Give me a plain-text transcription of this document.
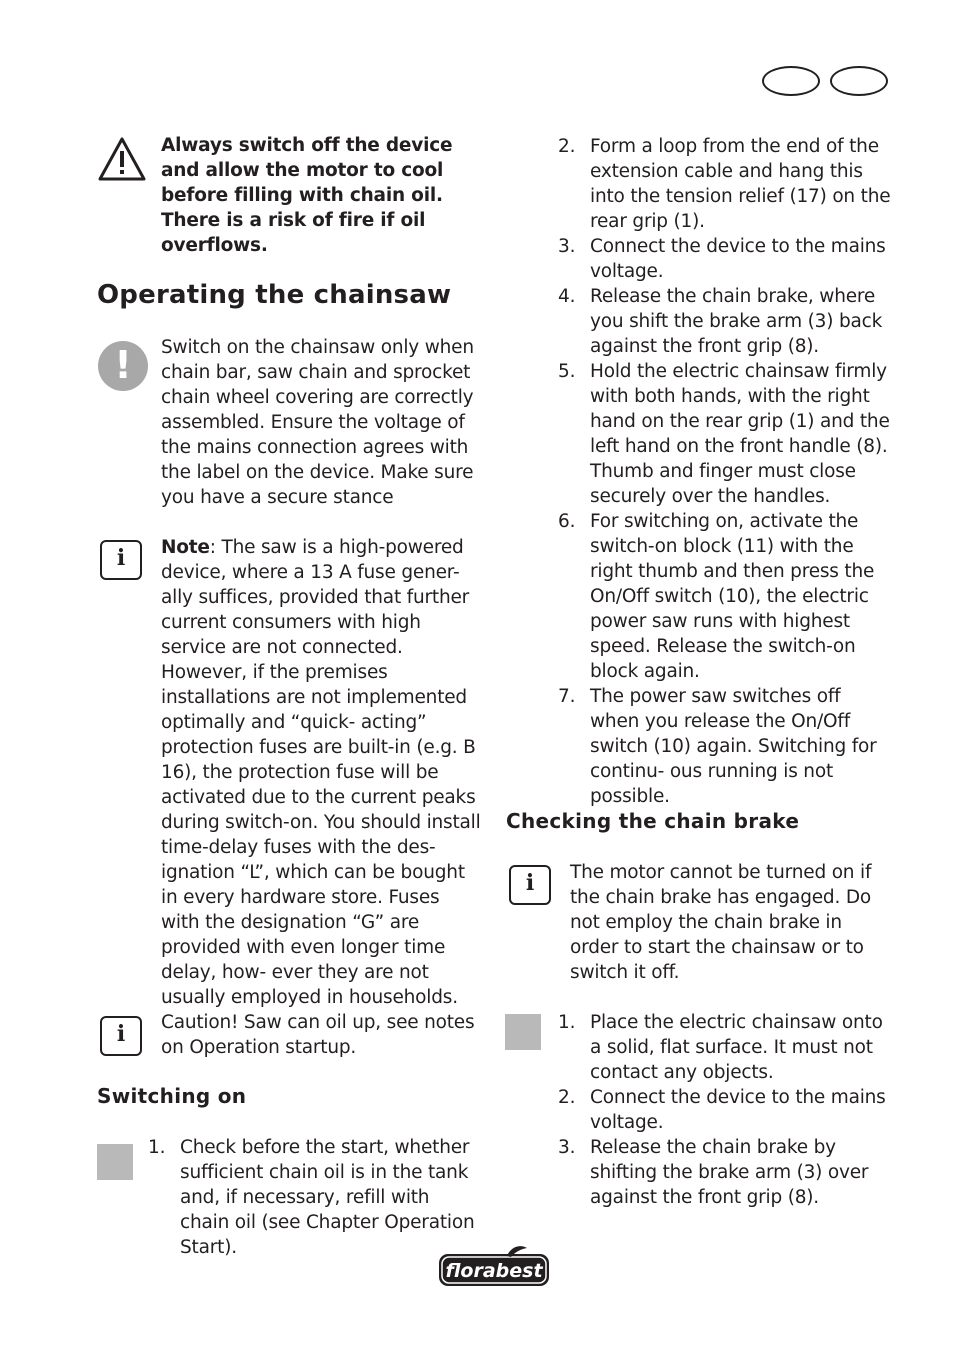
Always switch off the device and allow the motor to cool before filling with chain oil. There is a risk of fire if oil overflows.
Operating the chainsaw
!	Switch on the chainsaw only when chain bar, saw chain and sprocket chain wheel covering are correctly assembled. Ensure the voltage of the mains connection agrees with the label on the device. Make sure you have a secure stance
i	Note: The saw is a high-powered device, where a 13 A fuse gener- ally suffices, provided that further current consumers with high service are not connected. However, if the premises installations are not implemented optimally and “quick- acting” protection fuses are built-in (e.g. B 16), the protection fuse will be activated due to the current peaks during switch-on. You should install time-delay fuses with the des- ignation “L”, which can be bought in every hardware store. Fuses with the designation “G” are provided with even longer time delay, how- ever they are not usually employed in households.
i	Caution! Saw can oil up, see notes on Operation startup.
Switching on
1. Check before the start, whether sufficient chain oil is in the tank and, if necessary, refill with chain oil (see Chapter Operation Start).
2. Form a loop from the end of the extension cable and hang this into the tension relief (17) on the rear grip (1).
3. Connect the device to the mains voltage.
4. Release the chain brake, where you shift the brake arm (3) back against the front grip (8).
5. Hold the electric chainsaw firmly with both hands, with the right hand on the rear grip (1) and the left hand on the front handle (8). Thumb and finger must close securely over the handles.
6. For switching on, activate the switch-on block (11) with the right thumb and then press the On/Off switch (10), the electric power saw runs with highest speed. Release the switch-on block again.
7. The power saw switches off when you release the On/Off switch (10) again. Switching for continu- ous running is not possible.
Checking the chain brake
i	The motor cannot be turned on if the chain brake has engaged. Do not employ the chain brake in order to start the chainsaw or to switch it off.
1. Place the electric chainsaw onto a solid, flat surface. It must not contact any objects.
2. Connect the device to the mains voltage.
3. Release the chain brake by shifting the brake arm (3) over against the front grip (8).
florabest
